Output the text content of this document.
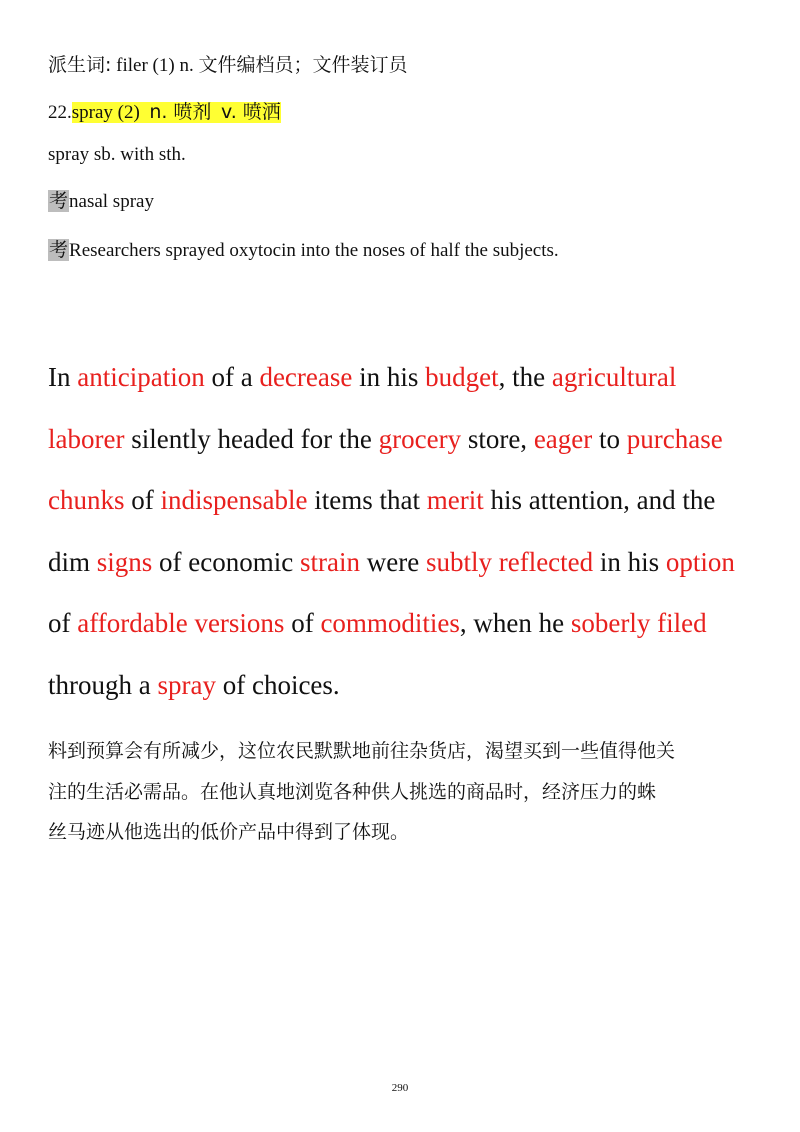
派生词: filer (1) n. 文件编档员；文件装订员
22.spray (2) n. 喷剂 v. 喷洒
spray sb. with sth.
考nasal spray
考Researchers sprayed oxytocin into the noses of half the subjects.
In anticipation of a decrease in his budget, the agricultural
laborer silently headed for the grocery store, eager to purchase
chunks of indispensable items that merit his attention, and the
dim signs of economic strain were subtly reflected in his option
of affordable versions of commodities, when he soberly filed
through a spray of choices.
料到预算会有所减少，这位农民默默地前往杂货店，渴望买到一些值得他关
注的生活必需品。在他认真地浏览各种供人挑选的商品时，经济压力的蛛
丝马迹从他选出的低价产品中得到了体现。
290
